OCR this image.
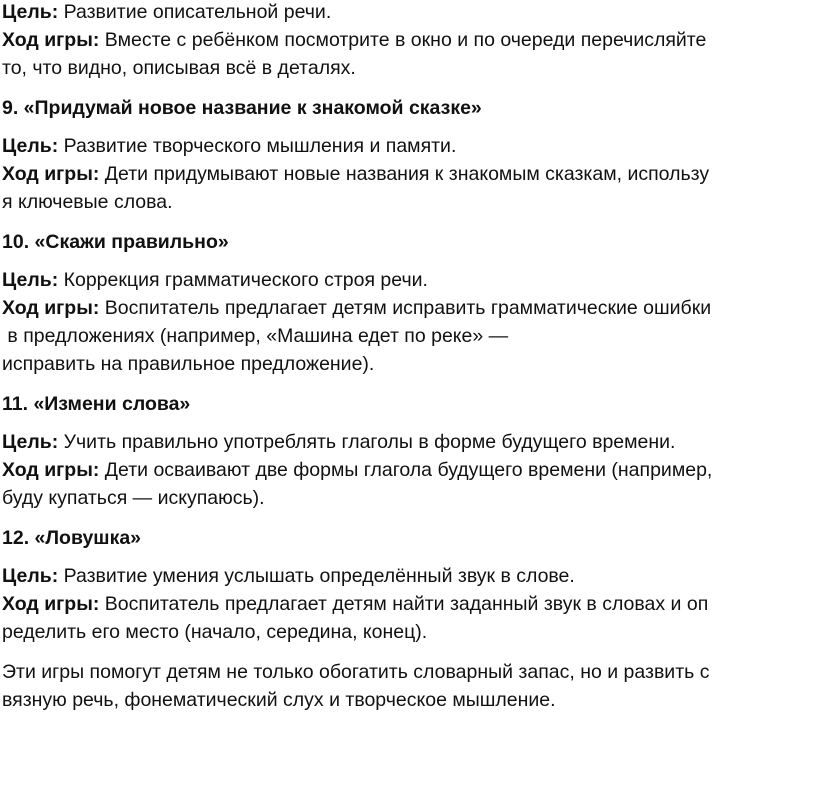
Цель: Развитие описательной речи.
Ход игры: Вместе с ребёнком посмотрите в окно и по очереди перечисляйте
то, что видно, описывая всё в деталях.
9. «Придумай новое название к знакомой сказке»
Цель: Развитие творческого мышления и памяти.
Ход игры: Дети придумывают новые названия к знакомым сказкам, использу
я ключевые слова.
10. «Скажи правильно»
Цель: Коррекция грамматического строя речи.
Ход игры: Воспитатель предлагает детям исправить грамматические ошибки
в предложениях (например, «Машина едет по реке» —
исправить на правильное предложение).
11. «Измени слова»
Цель: Учить правильно употреблять глаголы в форме будущего времени.
Ход игры: Дети осваивают две формы глагола будущего времени (например,
буду купаться — искупаюсь).
12. «Ловушка»
Цель: Развитие умения услышать определённый звук в слове.
Ход игры: Воспитатель предлагает детям найти заданный звук в словах и оп
ределить его место (начало, середина, конец).
Эти игры помогут детям не только обогатить словарный запас, но и развить с
вязную речь, фонематический слух и творческое мышление.
